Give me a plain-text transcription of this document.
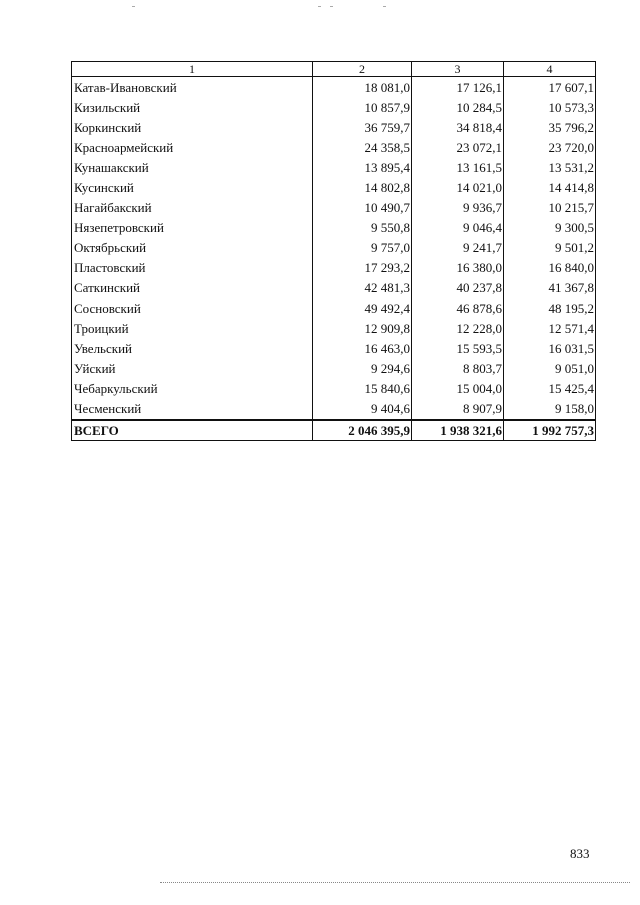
1	2	3	4
Катав-Ивановский	18 081,0	17 126,1	17 607,1
Кизильский	10 857,9	10 284,5	10 573,3
Коркинский	36 759,7	34 818,4	35 796,2
Красноармейский	24 358,5	23 072,1	23 720,0
Кунашакский	13 895,4	13 161,5	13 531,2
Кусинский	14 802,8	14 021,0	14 414,8
Нагайбакский	10 490,7	9 936,7	10 215,7
Нязепетровский	9 550,8	9 046,4	9 300,5
Октябрьский	9 757,0	9 241,7	9 501,2
Пластовский	17 293,2	16 380,0	16 840,0
Саткинский	42 481,3	40 237,8	41 367,8
Сосновский	49 492,4	46 878,6	48 195,2
Троицкий	12 909,8	12 228,0	12 571,4
Увельский	16 463,0	15 593,5	16 031,5
Уйский	9 294,6	8 803,7	9 051,0
Чебаркульский	15 840,6	15 004,0	15 425,4
Чесменский	9 404,6	8 907,9	9 158,0
ВСЕГО	2 046 395,9	1 938 321,6	1 992 757,3
833
